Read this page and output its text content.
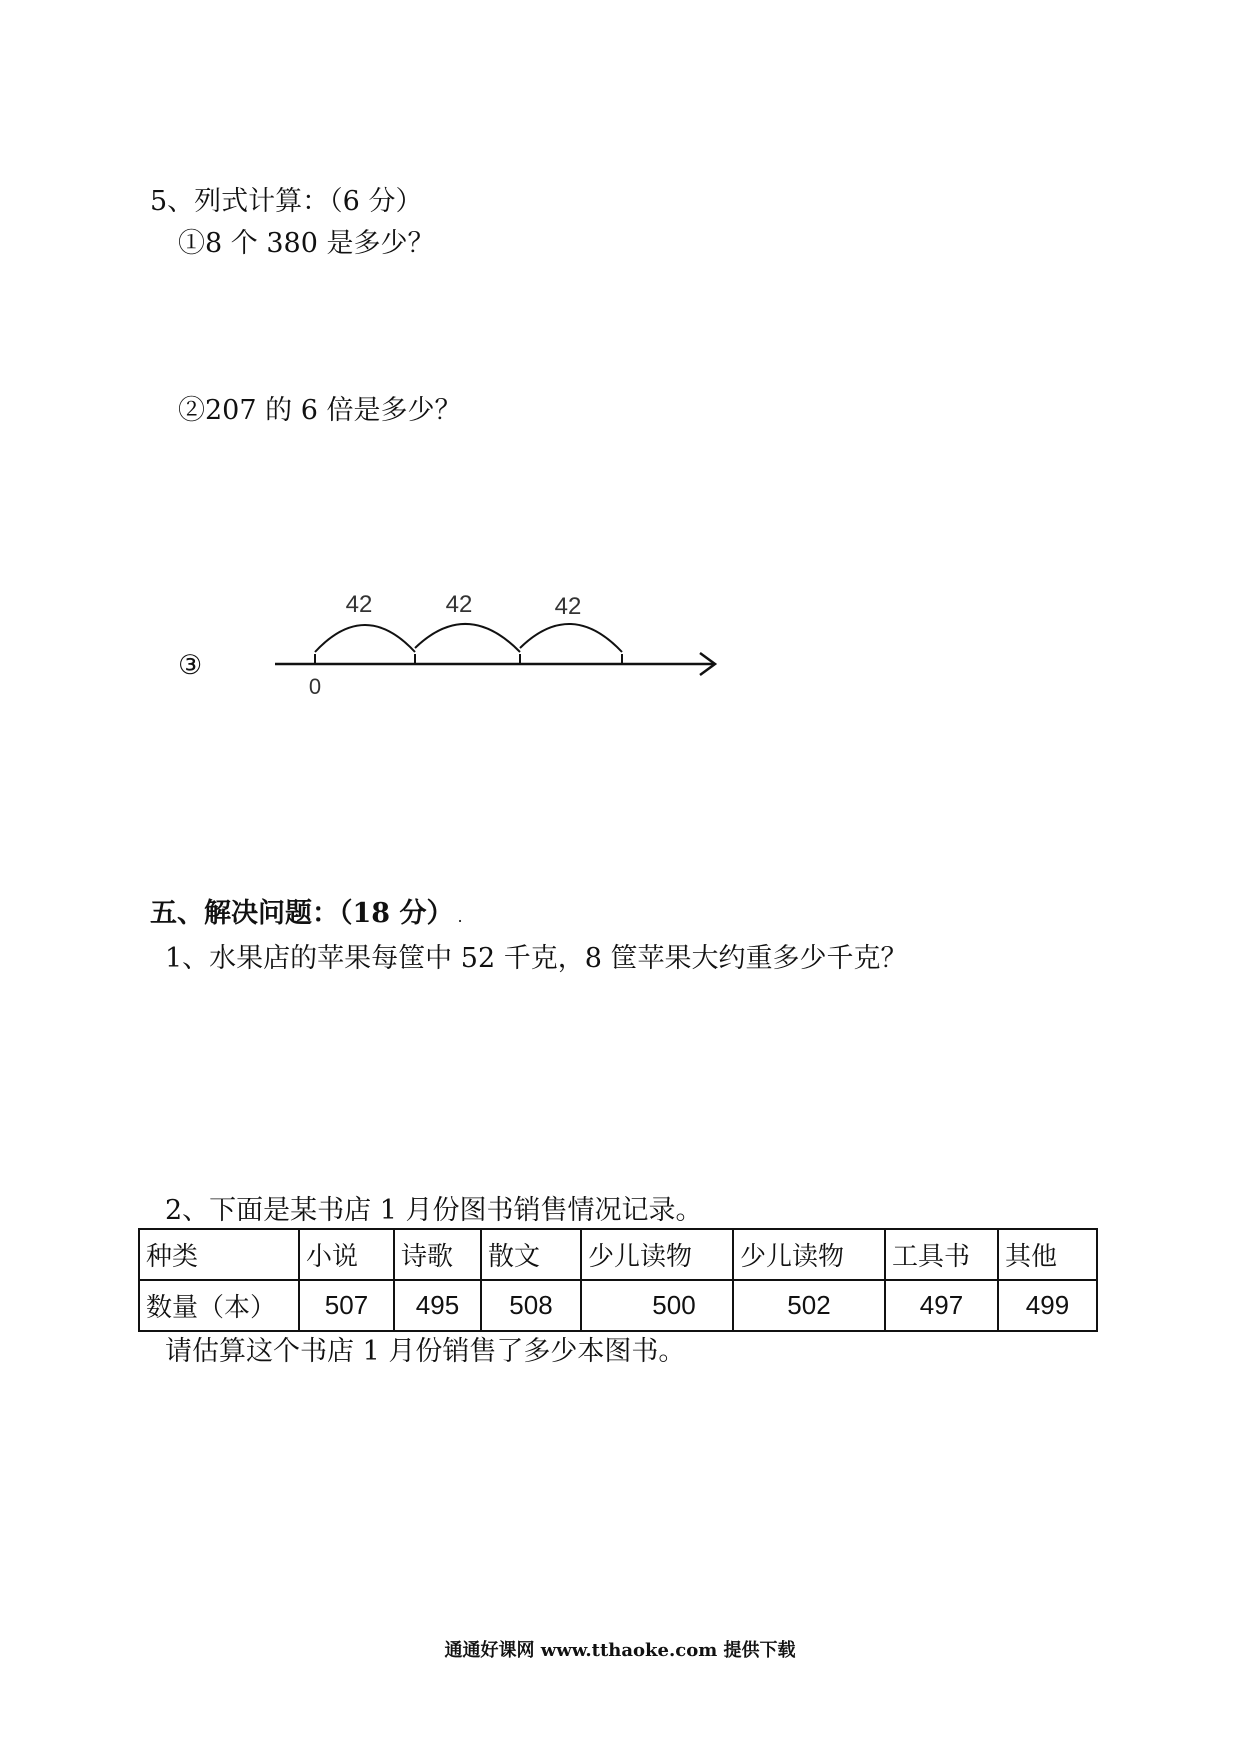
5、列式计算：（6 分）
①8 个 380 是多少？
②207 的 6 倍是多少？
③
42	42	42
0
五、解决问题：（18 分） .
1、水果店的苹果每筐中 52 千克，8 筐苹果大约重多少千克？
2、下面是某书店 1 月份图书销售情况记录。
种类	小说	诗歌	散文	少儿读物	少儿读物	工具书	其他
数量（本）	507	495	508	500	502	497	499
请估算这个书店 1 月份销售了多少本图书。
通通好课网 www.tthaoke.com 提供下载
